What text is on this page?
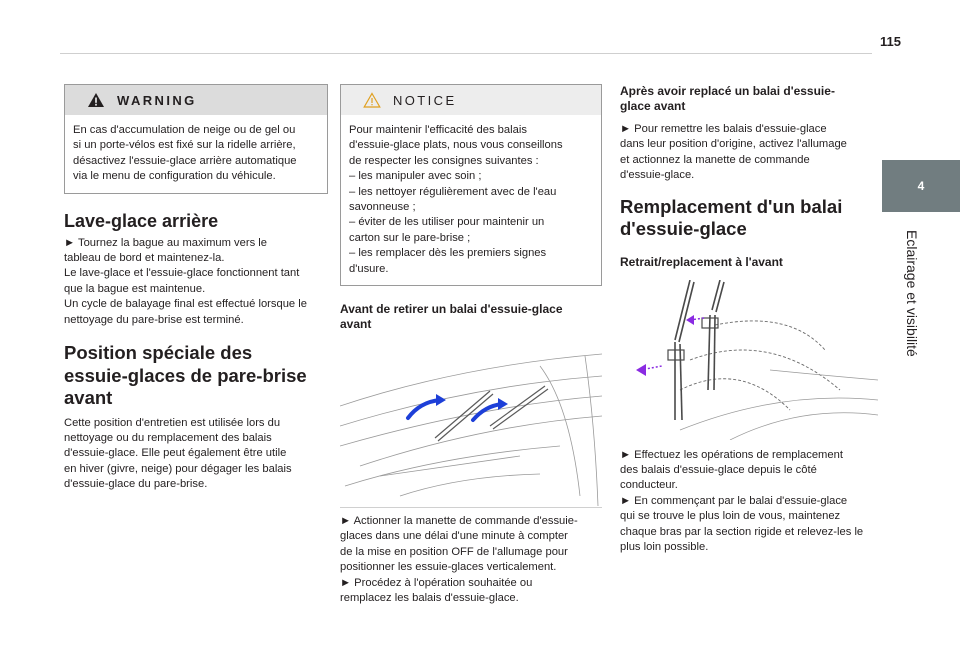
115
4
Eclairage et visibilité
WARNING
En cas d'accumulation de neige ou de gel ou
si un porte-vélos est fixé sur la ridelle arrière,
désactivez l'essuie-glace arrière automatique
via le menu de configuration du véhicule.
Lave-glace arrière

► Tournez la bague au maximum vers le
tableau de bord et maintenez-la.
Le lave-glace et l'essuie-glace fonctionnent tant
que la bague est maintenue.
Un cycle de balayage final est effectué lorsque le
nettoyage du pare-brise est terminé.

Position spéciale des
essuie-glaces de pare-brise
avant

Cette position d'entretien est utilisée lors du
nettoyage ou du remplacement des balais
d'essuie-glace. Elle peut également être utile
en hiver (givre, neige) pour dégager les balais
d'essuie-glace du pare-brise.

NOTICE
Pour maintenir l'efficacité des balais
d'essuie-glace plats, nous vous conseillons
de respecter les consignes suivantes :
– les manipuler avec soin ;
– les nettoyer régulièrement avec de l'eau
savonneuse ;
– éviter de les utiliser pour maintenir un
carton sur le pare-brise ;
– les remplacer dès les premiers signes
d'usure.
Avant de retirer un balai d'essuie-glace
avant

► Actionner la manette de commande d'essuie-
glaces dans une délai d'une minute à compter
de la mise en position OFF de l'allumage pour
positionner les essuie-glaces verticalement.
► Procédez à l'opération souhaitée ou
remplacez les balais d'essuie-glace.

Après avoir replacé un balai d'essuie-
glace avant

► Pour remettre les balais d'essuie-glace
dans leur position d'origine, activez l'allumage
et actionnez la manette de commande
d'essuie-glace.

Remplacement d'un balai
d'essuie-glace
Retrait/replacement à l'avant

► Effectuez les opérations de remplacement
des balais d'essuie-glace depuis le côté
conducteur.
► En commençant par le balai d'essuie-glace
qui se trouve le plus loin de vous, maintenez
chaque bras par la section rigide et relevez-les le
plus loin possible.
